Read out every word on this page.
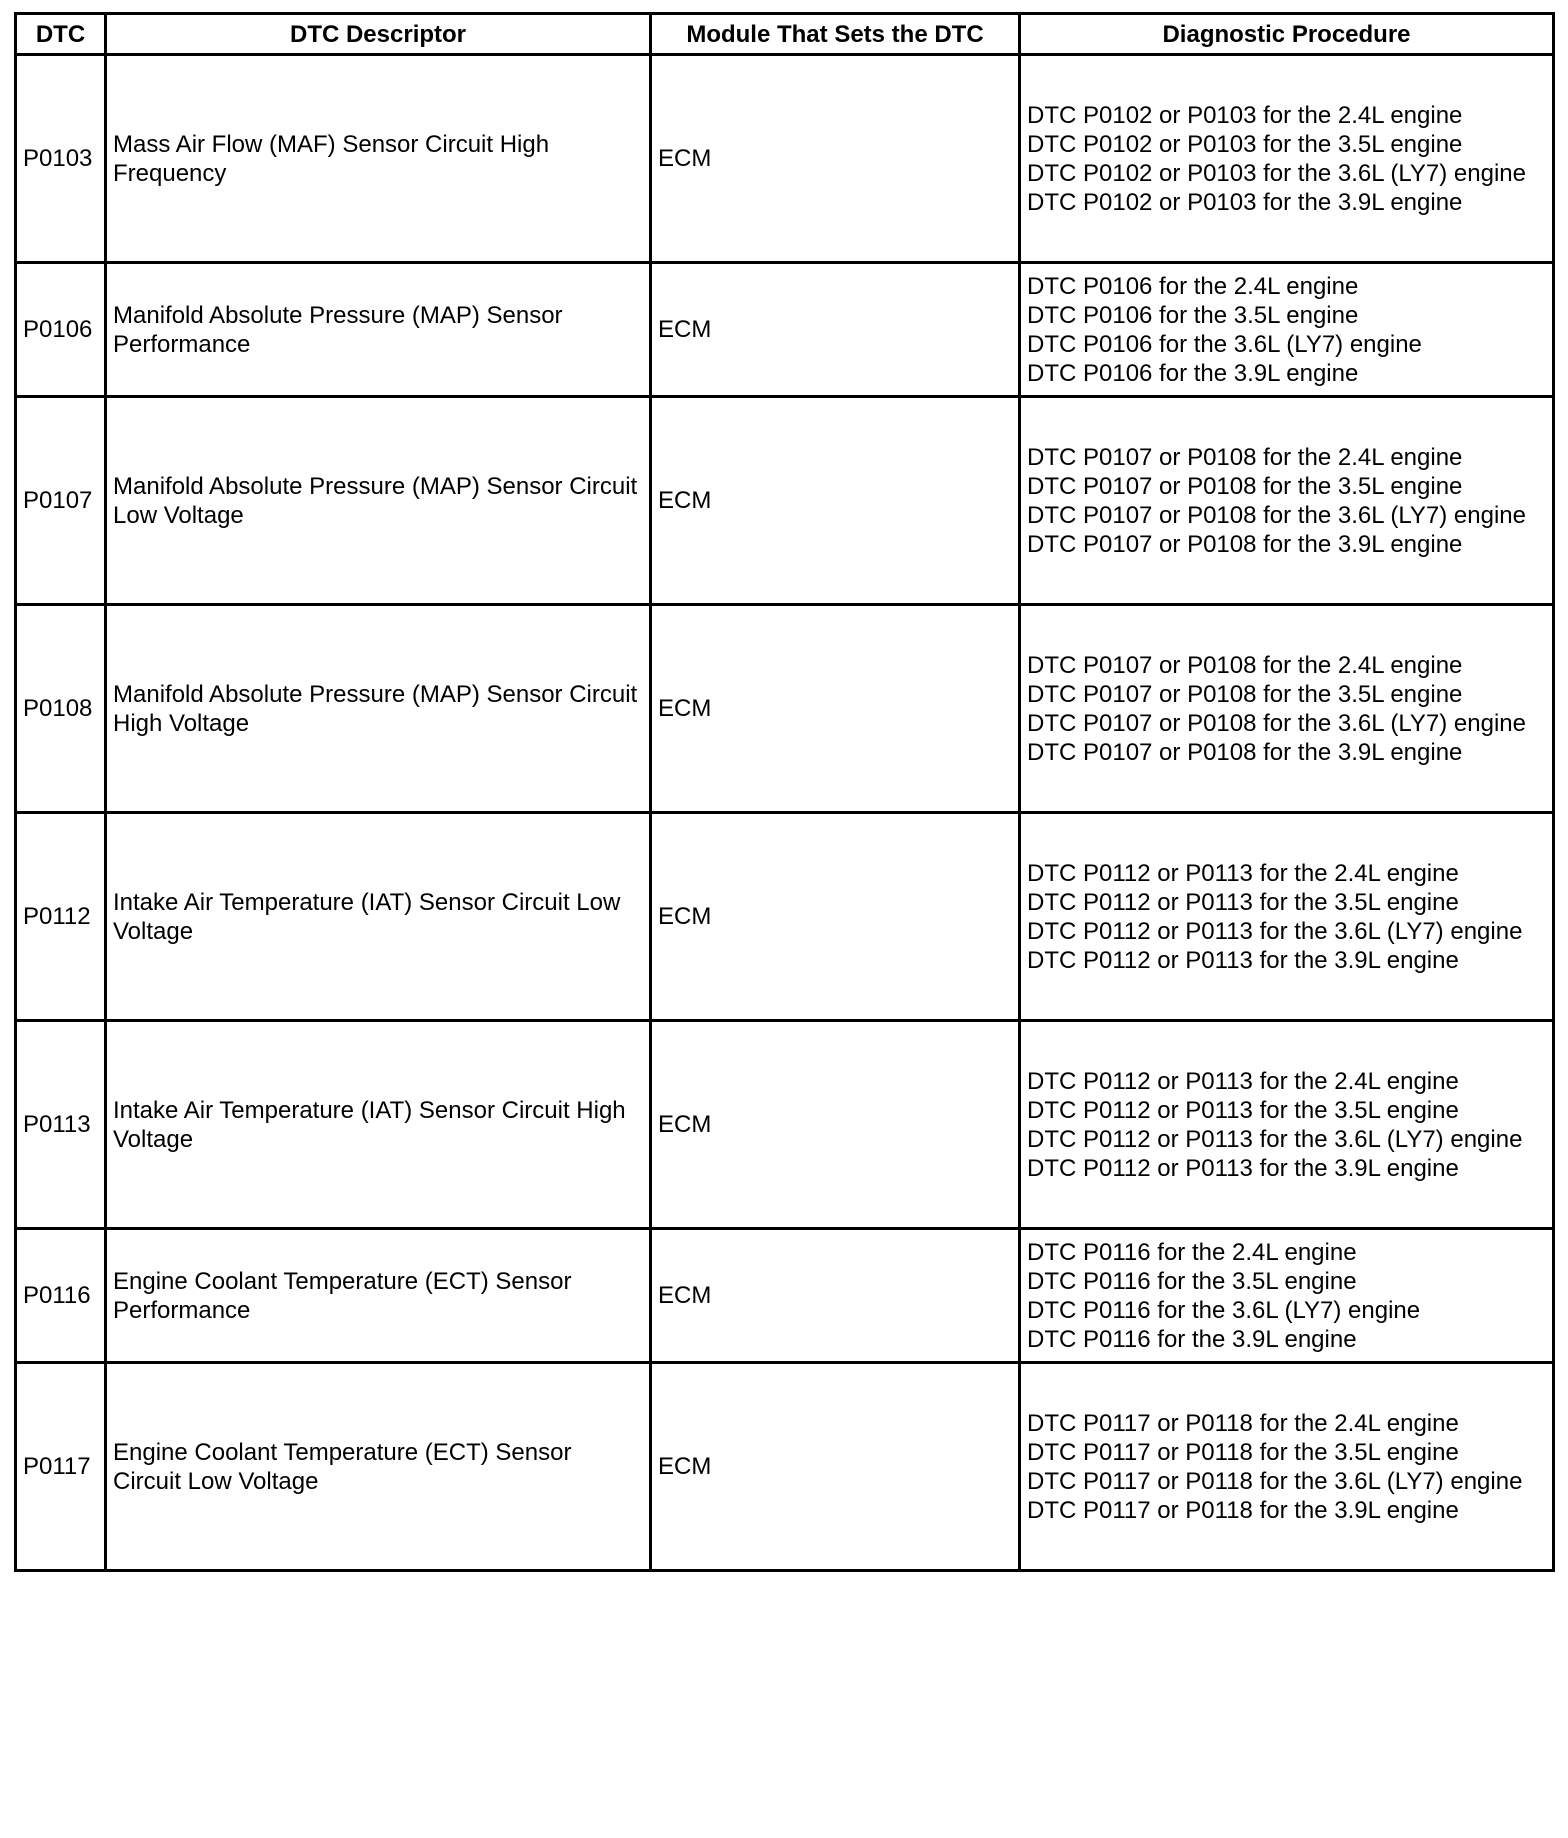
DTC	DTC Descriptor	Module That Sets the DTC	Diagnostic Procedure
P0103	Mass Air Flow (MAF) Sensor Circuit High Frequency	ECM	DTC P0102 or P0103 for the 2.4L engine
DTC P0102 or P0103 for the 3.5L engine
DTC P0102 or P0103 for the 3.6L (LY7) engine
DTC P0102 or P0103 for the 3.9L engine

P0106	Manifold Absolute Pressure (MAP) Sensor Performance	ECM	DTC P0106 for the 2.4L engine
DTC P0106 for the 3.5L engine
DTC P0106 for the 3.6L (LY7) engine
DTC P0106 for the 3.9L engine

P0107	Manifold Absolute Pressure (MAP) Sensor Circuit Low Voltage	ECM	DTC P0107 or P0108 for the 2.4L engine
DTC P0107 or P0108 for the 3.5L engine
DTC P0107 or P0108 for the 3.6L (LY7) engine
DTC P0107 or P0108 for the 3.9L engine

P0108	Manifold Absolute Pressure (MAP) Sensor Circuit High Voltage	ECM	DTC P0107 or P0108 for the 2.4L engine
DTC P0107 or P0108 for the 3.5L engine
DTC P0107 or P0108 for the 3.6L (LY7) engine
DTC P0107 or P0108 for the 3.9L engine

P0112	Intake Air Temperature (IAT) Sensor Circuit Low Voltage	ECM	DTC P0112 or P0113 for the 2.4L engine
DTC P0112 or P0113 for the 3.5L engine
DTC P0112 or P0113 for the 3.6L (LY7) engine
DTC P0112 or P0113 for the 3.9L engine

P0113	Intake Air Temperature (IAT) Sensor Circuit High Voltage	ECM	DTC P0112 or P0113 for the 2.4L engine
DTC P0112 or P0113 for the 3.5L engine
DTC P0112 or P0113 for the 3.6L (LY7) engine
DTC P0112 or P0113 for the 3.9L engine

P0116	Engine Coolant Temperature (ECT) Sensor Performance	ECM	DTC P0116 for the 2.4L engine
DTC P0116 for the 3.5L engine
DTC P0116 for the 3.6L (LY7) engine
DTC P0116 for the 3.9L engine

P0117	Engine Coolant Temperature (ECT) Sensor Circuit Low Voltage	ECM	DTC P0117 or P0118 for the 2.4L engine
DTC P0117 or P0118 for the 3.5L engine
DTC P0117 or P0118 for the 3.6L (LY7) engine
DTC P0117 or P0118 for the 3.9L engine
